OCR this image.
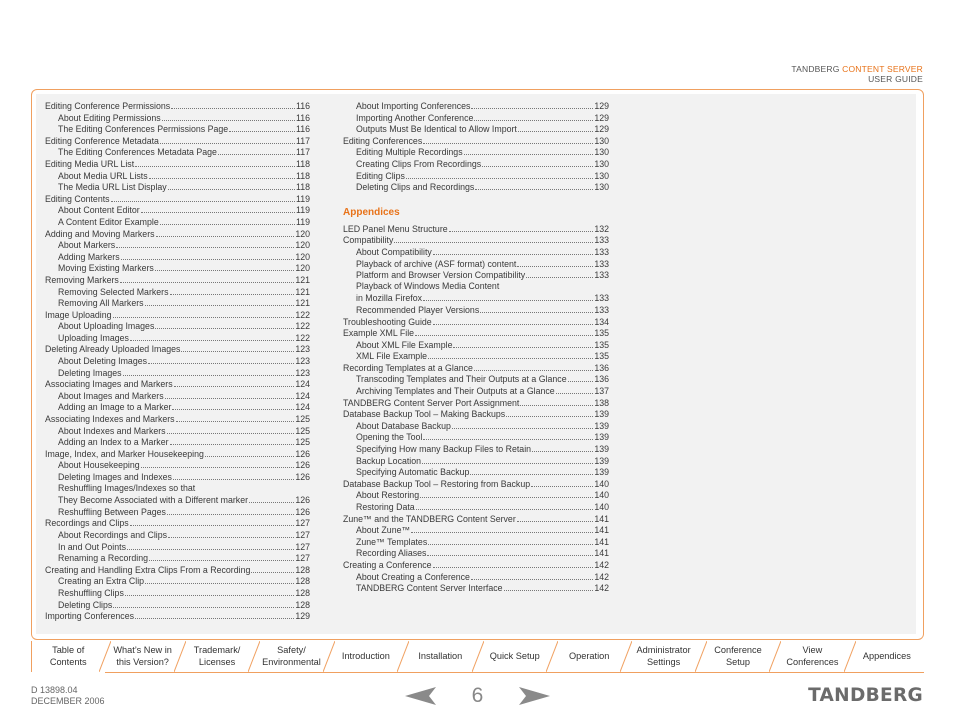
TANDBERG CONTENT SERVER
USER GUIDE
Editing Conference Permissions	116
About Editing Permissions	116
The Editing Conferences Permissions Page	116
Editing Conference Metadata	117
The Editing Conferences Metadata Page	117
Editing Media URL List	118
About Media URL Lists	118
The Media URL List Display	118
Editing Contents	119
About Content Editor	119
A Content Editor Example	119
Adding and Moving Markers	120
About Markers	120
Adding Markers	120
Moving Existing Markers	120
Removing Markers	121
Removing Selected Markers	121
Removing All Markers	121
Image Uploading	122
About Uploading Images	122
Uploading Images	122
Deleting Already Uploaded Images	123
About Deleting Images	123
Deleting Images	123
Associating Images and Markers	124
About Images and Markers	124
Adding an Image to a Marker	124
Associating Indexes and Markers	125
About Indexes and Markers	125
Adding an Index to a Marker	125
Image, Index, and Marker Housekeeping	126
About Housekeeping	126
Deleting Images and Indexes	126
Reshuffling Images/Indexes so that
They Become Associated with a Different marker	126
Reshuffling Between Pages	126
Recordings and Clips	127
About Recordings and Clips	127
In and Out Points	127
Renaming a Recording	127
Creating and Handling Extra Clips From a Recording	128
Creating an Extra Clip	128
Reshuffling Clips	128
Deleting Clips	128
Importing Conferences	129
About Importing Conferences	129
Importing Another Conference	129
Outputs Must Be Identical to Allow Import	129
Editing Conferences	130
Editing Multiple Recordings	130
Creating Clips From Recordings	130
Editing Clips	130
Deleting Clips and Recordings	130
Appendices
LED Panel Menu Structure	132
Compatibility	133
About Compatibility	133
Playback of archive (ASF format) content	133
Platform and Browser Version Compatibility	133
Playback of Windows Media Content
in Mozilla Firefox	133
Recommended Player Versions	133
Troubleshooting Guide	134
Example XML File	135
About XML File Example	135
XML File Example	135
Recording Templates at a Glance	136
Transcoding Templates and Their Outputs at a Glance	136
Archiving Templates and Their Outputs at a Glance	137
TANDBERG Content Server Port Assignment	138
Database Backup Tool – Making Backups	139
About Database Backup	139
Opening the Tool	139
Specifying How many Backup Files to Retain	139
Backup Location	139
Specifying Automatic Backup	139
Database Backup Tool – Restoring from Backup	140
About Restoring	140
Restoring Data	140
Zune™ and the TANDBERG Content Server	141
About Zune™	141
Zune™ Templates	141
Recording Aliases	141
Creating a Conference	142
About Creating a Conference	142
TANDBERG Content Server Interface	142
Table of
Contents
What’s New in
this Version?
Trademark/
Licenses
Safety/
Environmental
Introduction	Installation	Quick Setup	Operation
Administrator
Settings
Conference
Setup
View
Conferences
Appendices
D 13898.04
DECEMBER 2006	6	TANDBERG
